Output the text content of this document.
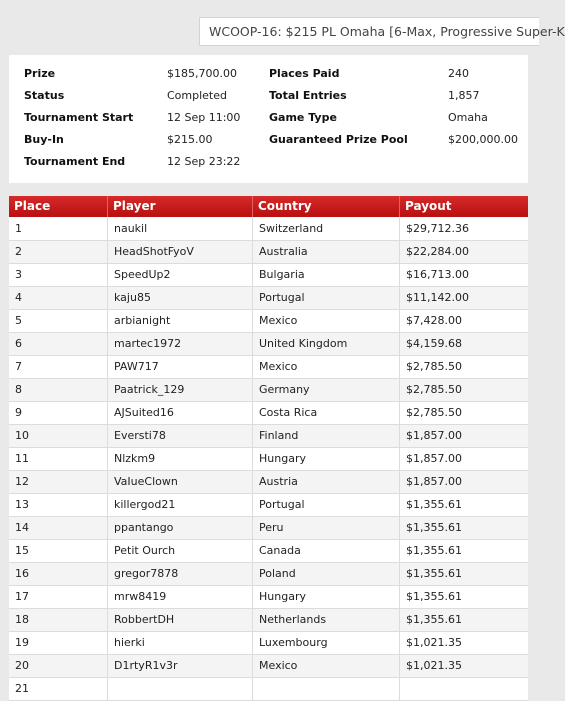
WCOOP-16: $215 PL Omaha [6-Max, Progressive Super-K
Prize	$185,700.00	Places Paid	240
Status	Completed	Total Entries	1,857
Tournament Start	12 Sep 11:00	Game Type	Omaha
Buy-In	$215.00	Guaranteed Prize Pool	$200,000.00
Tournament End	12 Sep 23:22
Place	Player	Country	Payout
1	naukil	Switzerland	$29,712.36
2	HeadShotFyoV	Australia	$22,284.00
3	SpeedUp2	Bulgaria	$16,713.00
4	kaju85	Portugal	$11,142.00
5	arbianight	Mexico	$7,428.00
6	martec1972	United Kingdom	$4,159.68
7	PAW717	Mexico	$2,785.50
8	Paatrick_129	Germany	$2,785.50
9	AJSuited16	Costa Rica	$2,785.50
10	Eversti78	Finland	$1,857.00
11	Nlzkm9	Hungary	$1,857.00
12	VaIueClown	Austria	$1,857.00
13	killergod21	Portugal	$1,355.61
14	ppantango	Peru	$1,355.61
15	Petit Ourch	Canada	$1,355.61
16	gregor7878	Poland	$1,355.61
17	mrw8419	Hungary	$1,355.61
18	RobbertDH	Netherlands	$1,355.61
19	hierki	Luxembourg	$1,021.35
20	D1rtyR1v3r	Mexico	$1,021.35
21
